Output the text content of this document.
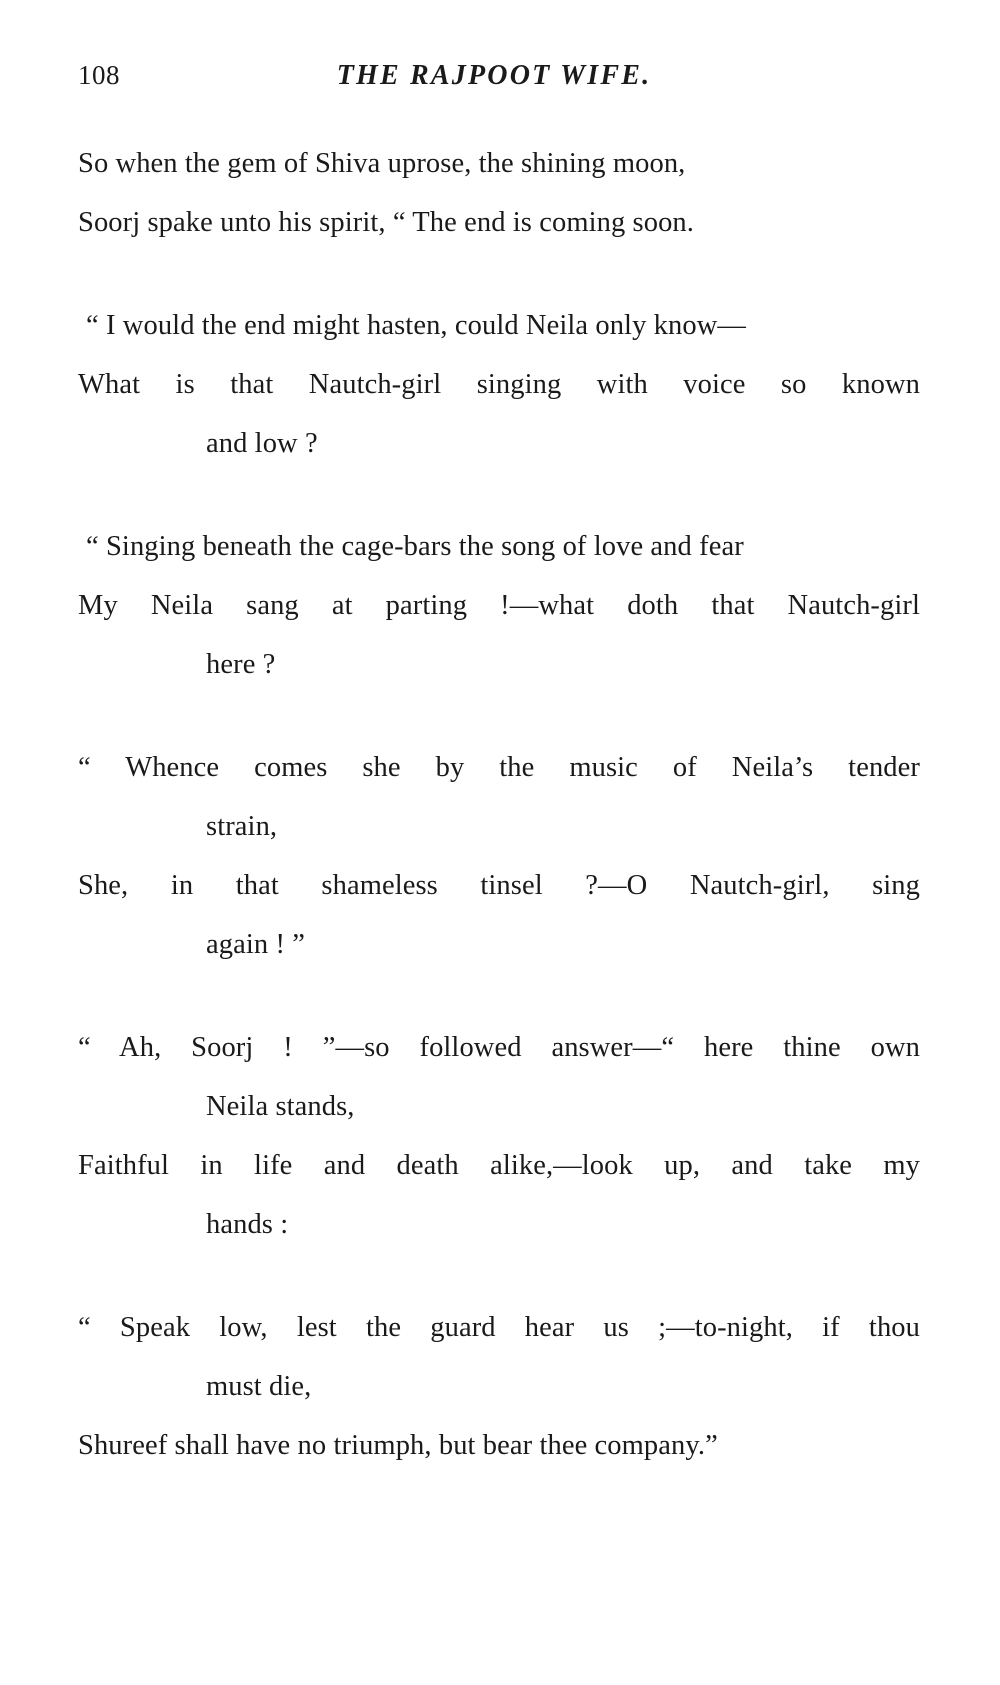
108	THE RAJPOOT WIFE.
So when the gem of Shiva uprose, the shining moon,
Soorj spake unto his spirit, “ The end is coming soon.
“ I would the end might hasten, could Neila only know—
What is that Nautch-girl singing with voice so known
and low ?
“ Singing beneath the cage-bars the song of love and fear
My Neila sang at parting !—what doth that Nautch-girl
here ?
“ Whence comes she by the music of Neila’s tender
strain,
She, in that shameless tinsel ?—O Nautch-girl, sing
again ! ”
“ Ah, Soorj ! ”—so followed answer—“ here thine own
Neila stands,
Faithful in life and death alike,—look up, and take my
hands :
“ Speak low, lest the guard hear us ;—to-night, if thou
must die,
Shureef shall have no triumph, but bear thee company.”
